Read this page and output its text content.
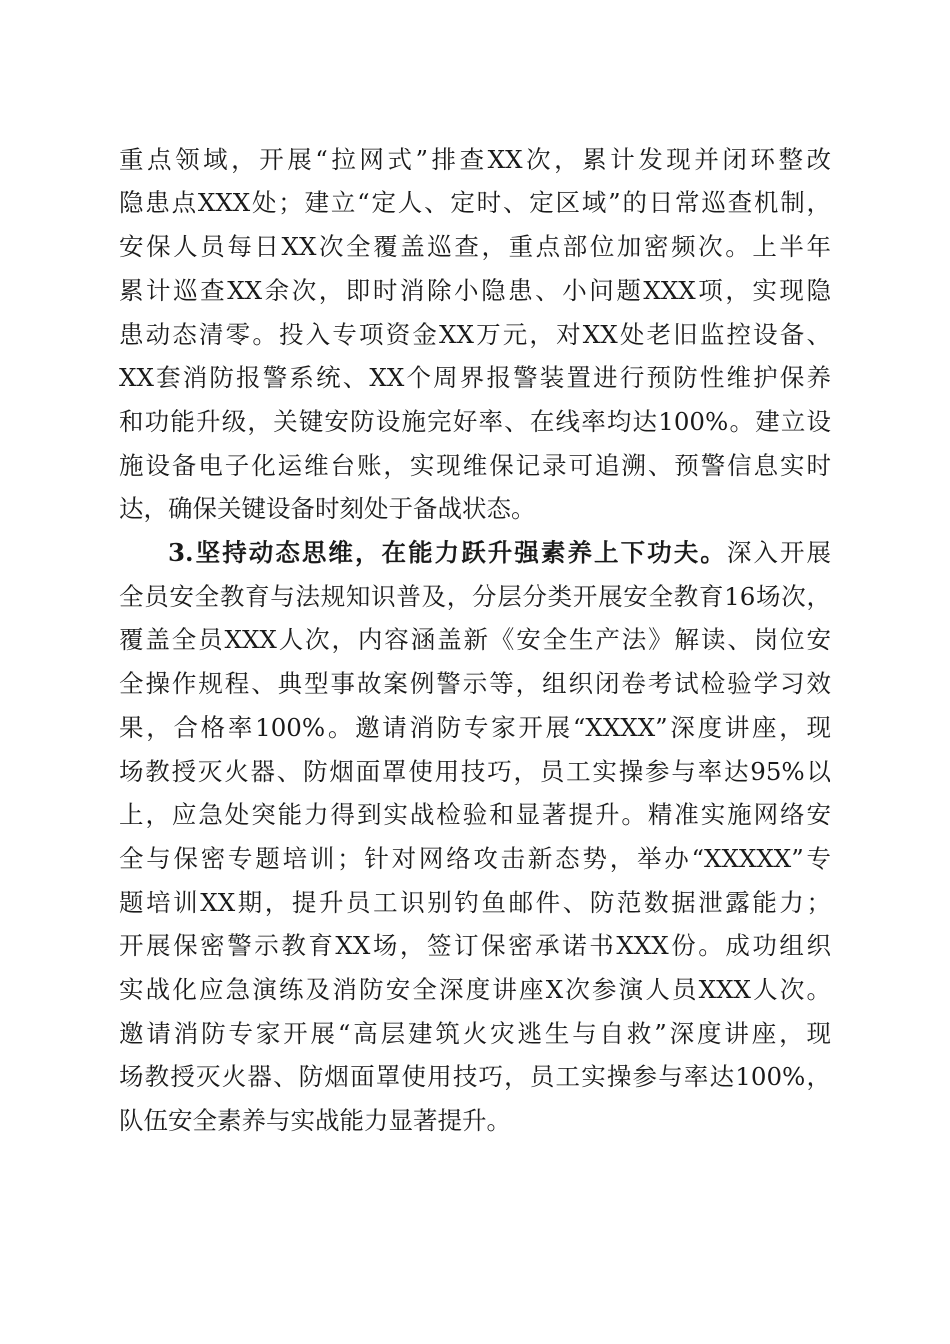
重点领域，开展“拉网式”排查XX次，累计发现并闭环整改
隐患点XXX处；建立“定人、定时、定区域”的日常巡查机制，
安保人员每日XX次全覆盖巡查，重点部位加密频次。上半年
累计巡查XX余次，即时消除小隐患、小问题XXX项，实现隐
患动态清零。投入专项资金XX万元，对XX处老旧监控设备、
XX套消防报警系统、XX个周界报警装置进行预防性维护保养
和功能升级，关键安防设施完好率、在线率均达100%。建立设
施设备电子化运维台账，实现维保记录可追溯、预警信息实时
达，确保关键设备时刻处于备战状态。
3.坚持动态思维，在能力跃升强素养上下功夫。深入开展
全员安全教育与法规知识普及，分层分类开展安全教育16场次，
覆盖全员XXX人次，内容涵盖新《安全生产法》解读、岗位安
全操作规程、典型事故案例警示等，组织闭卷考试检验学习效
果，合格率100%。邀请消防专家开展“XXXX”深度讲座，现
场教授灭火器、防烟面罩使用技巧，员工实操参与率达95%以
上，应急处突能力得到实战检验和显著提升。精准实施网络安
全与保密专题培训；针对网络攻击新态势，举办“XXXXX”专
题培训XX期，提升员工识别钓鱼邮件、防范数据泄露能力；
开展保密警示教育XX场，签订保密承诺书XXX份。成功组织
实战化应急演练及消防安全深度讲座X次参演人员XXX人次。
邀请消防专家开展“高层建筑火灾逃生与自救”深度讲座，现
场教授灭火器、防烟面罩使用技巧，员工实操参与率达100%，
队伍安全素养与实战能力显著提升。
